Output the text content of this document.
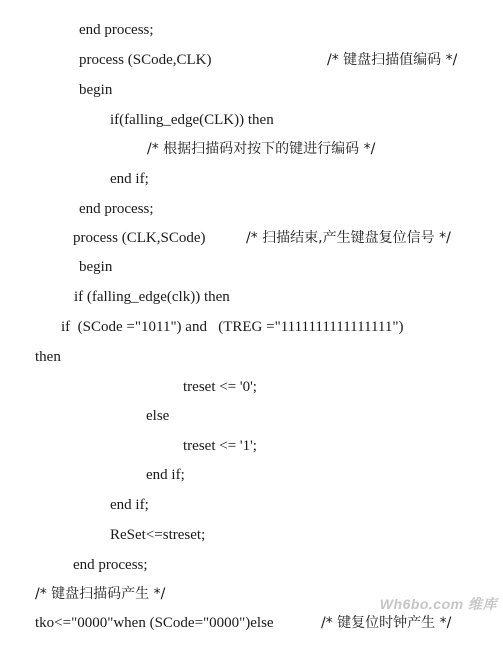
end process;

process (SCode,CLK)
	/* 键盘扫描值编码 */

begin

if(falling_edge(CLK)) then

/* 根据扫描码对按下的键进行编码 */

end if;

end process;

process (CLK,SCode)
	/* 扫描结束,产生键盘复位信号 */

begin

if (falling_edge(clk)) then

if  (SCode ="1011") and   (TREG ="1111111111111111")

then

treset <= '0';

else

treset <= '1';

end if;

end if;

ReSet<=streset;

end process;

/* 键盘扫描码产生 */

tko<="0000"when (SCode="0000")else
	/* 键复位时钟产生 */

Wh6bo.com 维库
